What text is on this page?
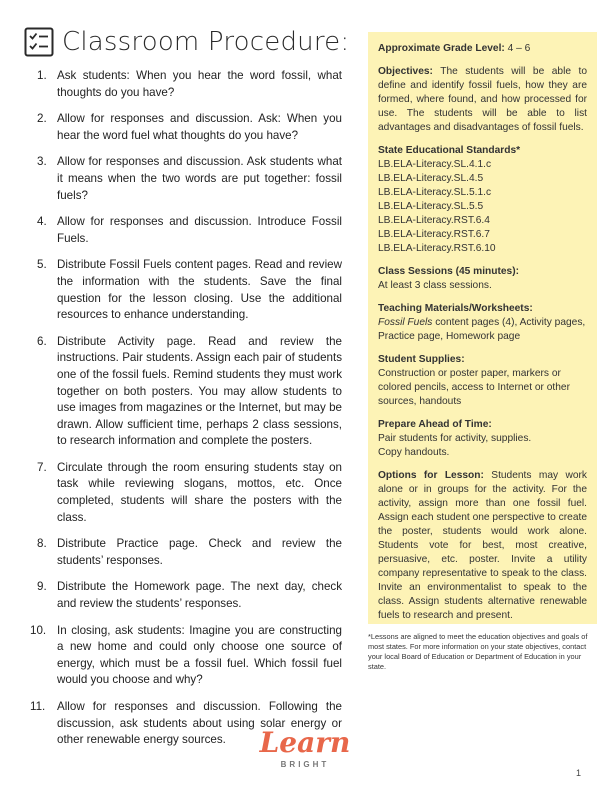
Classroom Procedure:
1. Ask students: When you hear the word fossil, what thoughts do you have?
2. Allow for responses and discussion. Ask: When you hear the word fuel what thoughts do you have?
3. Allow for responses and discussion. Ask students what it means when the two words are put together: fossil fuels?
4. Allow for responses and discussion. Introduce Fossil Fuels.
5. Distribute Fossil Fuels content pages. Read and review the information with the students. Save the final question for the lesson closing. Use the additional resources to enhance understanding.
6. Distribute Activity page. Read and review the instructions. Pair students. Assign each pair of students one of the fossil fuels. Remind students they must work together on both posters. You may allow students to use images from magazines or the Internet, but may be drawn. Allow sufficient time, perhaps 2 class sessions, to research information and complete the posters.
7. Circulate through the room ensuring students stay on task while reviewing slogans, mottos, etc. Once completed, students will share the posters with the class.
8. Distribute Practice page. Check and review the students’ responses.
9. Distribute the Homework page. The next day, check and review the students’ responses.
10. In closing, ask students: Imagine you are constructing a new home and could only choose one source of energy, which must be a fossil fuel. Which fossil fuel would you choose and why?
11.	Allow for responses and discussion. Following the discussion, ask students about using solar energy or other renewable energy sources.
Approximate Grade Level: 4 – 6
Objectives: The students will be able to define and identify fossil fuels, how they are formed, where found, and how processed for use. The students will be able to list advantages and disadvantages of fossil fuels.
State Educational Standards*
LB.ELA-Literacy.SL.4.1.c
LB.ELA-Literacy.SL.4.5
LB.ELA-Literacy.SL.5.1.c
LB.ELA-Literacy.SL.5.5
LB.ELA-Literacy.RST.6.4
LB.ELA-Literacy.RST.6.7
LB.ELA-Literacy.RST.6.10
Class Sessions (45 minutes):
At least 3 class sessions.
Teaching Materials/Worksheets:
Fossil Fuels content pages (4), Activity pages, Practice page, Homework page
Student Supplies:
Construction or poster paper, markers or colored pencils, access to Internet or other sources, handouts
Prepare Ahead of Time:
Pair students for activity, supplies.
Copy handouts.
Options for Lesson: Students may work alone or in groups for the activity. For the activity, assign more than one fossil fuel. Assign each student one perspective to create the poster, students would work alone. Students vote for best, most creative, persuasive, etc. poster. Invite a utility company representative to speak to the class. Invite an environmentalist to speak to the class. Assign students alternative renewable fuels to research and present.
*Lessons are aligned to meet the education objectives and goals of most states. For more information on your state objectives, contact your local Board of Education or Department of Education in your state.
Learn
BRIGHT
1
